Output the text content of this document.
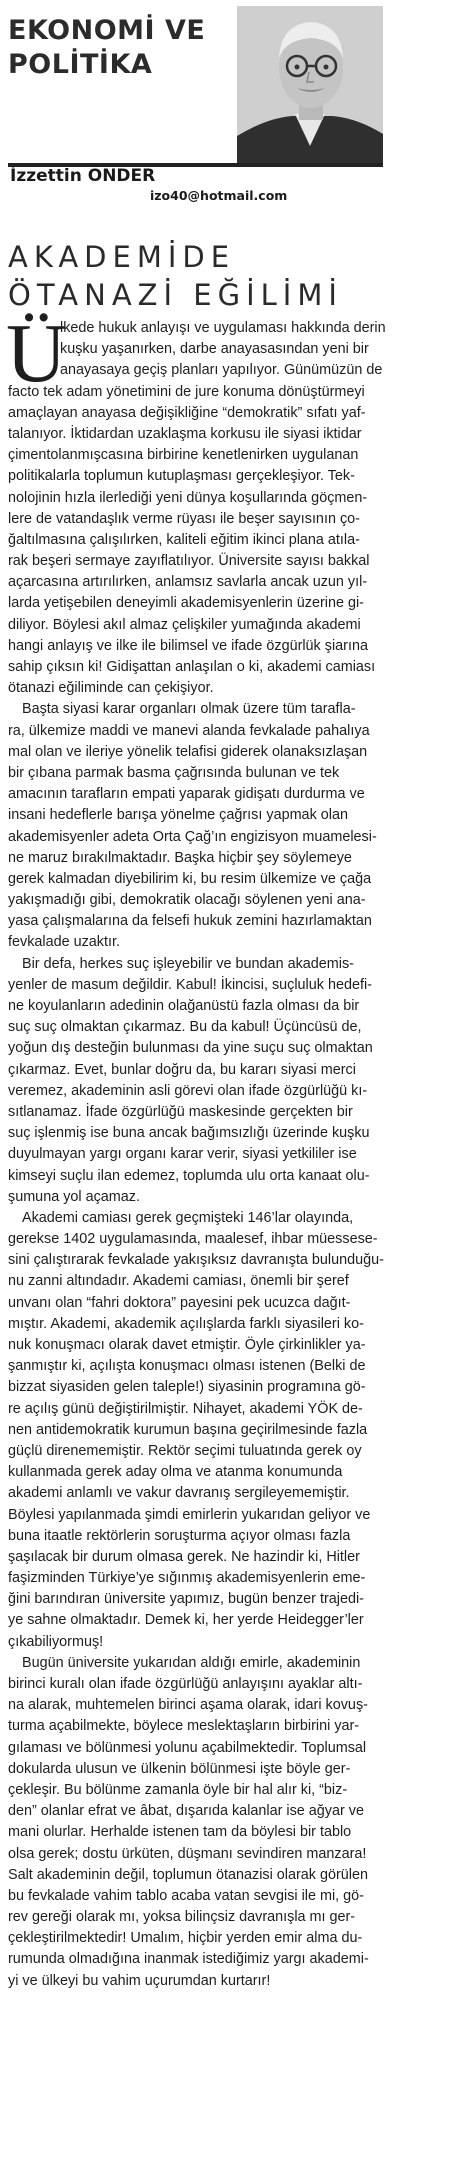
EKONOMİ VE
POLİTİKA
İzzettin ÖNDER
izo40@hotmail.com
AKADEMİDE
ÖTANAZİ EĞİLİMİ
Ü
lkede hukuk anlayışı ve uygulaması hakkında derin
kuşku yaşanırken, darbe anayasasından yeni bir
anayasaya geçiş planları yapılıyor. Günümüzün de
facto tek adam yönetimini de jure konuma dönüştürmeyi
amaçlayan anayasa değişikliğine “demokratik” sıfatı yaf-
talanıyor. İktidardan uzaklaşma korkusu ile siyasi iktidar
çimentolanmışcasına birbirine kenetlenirken uygulanan
politikalarla toplumun kutuplaşması gerçekleşiyor. Tek-
nolojinin hızla ilerlediği yeni dünya koşullarında göçmen-
lere de vatandaşlık verme rüyası ile beşer sayısının ço-
ğaltılmasına çalışılırken, kaliteli eğitim ikinci plana atıla-
rak beşeri sermaye zayıflatılıyor. Üniversite sayısı bakkal
açarcasına artırılırken, anlamsız savlarla ancak uzun yıl-
larda yetişebilen deneyimli akademisyenlerin üzerine gi-
diliyor. Böylesi akıl almaz çelişkiler yumağında akademi
hangi anlayış ve ilke ile bilimsel ve ifade özgürlük şiarına
sahip çıksın ki! Gidişattan anlaşılan o ki, akademi camiası
ötanazi eğiliminde can çekişiyor.
Başta siyasi karar organları olmak üzere tüm tarafla-
ra, ülkemize maddi ve manevi alanda fevkalade pahalıya
mal olan ve ileriye yönelik telafisi giderek olanaksızlaşan
bir çıbana parmak basma çağrısında bulunan ve tek
amacının tarafların empati yaparak gidişatı durdurma ve
insani hedeflerle barışa yönelme çağrısı yapmak olan
akademisyenler adeta Orta Çağ’ın engizisyon muamelesi-
ne maruz bırakılmaktadır. Başka hiçbir şey söylemeye
gerek kalmadan diyebilirim ki, bu resim ülkemize ve çağa
yakışmadığı gibi, demokratik olacağı söylenen yeni ana-
yasa çalışmalarına da felsefi hukuk zemini hazırlamaktan
fevkalade uzaktır.
Bir defa, herkes suç işleyebilir ve bundan akademis-
yenler de masum değildir. Kabul! İkincisi, suçluluk hedefi-
ne koyulanların adedinin olağanüstü fazla olması da bir
suç suç olmaktan çıkarmaz. Bu da kabul! Üçüncüsü de,
yoğun dış desteğin bulunması da yine suçu suç olmaktan
çıkarmaz. Evet, bunlar doğru da, bu kararı siyasi merci
veremez, akademinin asli görevi olan ifade özgürlüğü kı-
sıtlanamaz. İfade özgürlüğü maskesinde gerçekten bir
suç işlenmiş ise buna ancak bağımsızlığı üzerinde kuşku
duyulmayan yargı organı karar verir, siyasi yetkililer ise
kimseyi suçlu ilan edemez, toplumda ulu orta kanaat olu-
şumuna yol açamaz.
Akademi camiası gerek geçmişteki 146’lar olayında,
gerekse 1402 uygulamasında, maalesef, ihbar müessese-
sini çalıştırarak fevkalade yakışıksız davranışta bulunduğu-
nu zanni altındadır. Akademi camiası, önemli bir şeref
unvanı olan “fahri doktora” payesini pek ucuzca dağıt-
mıştır. Akademi, akademik açılışlarda farklı siyasileri ko-
nuk konuşmacı olarak davet etmiştir. Öyle çirkinlikler ya-
şanmıştır ki, açılışta konuşmacı olması istenen (Belki de
bizzat siyasiden gelen taleple!) siyasinin programına gö-
re açılış günü değiştirilmiştir. Nihayet, akademi YÖK de-
nen antidemokratik kurumun başına geçirilmesinde fazla
güçlü direnememiştir. Rektör seçimi tuluatında gerek oy
kullanmada gerek aday olma ve atanma konumunda
akademi anlamlı ve vakur davranış sergileyememiştir.
Böylesi yapılanmada şimdi emirlerin yukarıdan geliyor ve
buna itaatle rektörlerin soruşturma açıyor olması fazla
şaşılacak bir durum olmasa gerek. Ne hazindir ki, Hitler
faşizminden Türkiye’ye sığınmış akademisyenlerin eme-
ğini barındıran üniversite yapımız, bugün benzer trajedi-
ye sahne olmaktadır. Demek ki, her yerde Heidegger’ler
çıkabiliyormuş!
Bugün üniversite yukarıdan aldığı emirle, akademinin
birinci kuralı olan ifade özgürlüğü anlayışını ayaklar altı-
na alarak, muhtemelen birinci aşama olarak, idari kovuş-
turma açabilmekte, böylece meslektaşların birbirini yar-
gılaması ve bölünmesi yolunu açabilmektedir. Toplumsal
dokularda ulusun ve ülkenin bölünmesi işte böyle ger-
çekleşir. Bu bölünme zamanla öyle bir hal alır ki, “biz-
den” olanlar efrat ve âbat, dışarıda kalanlar ise ağyar ve
mani olurlar. Herhalde istenen tam da böylesi bir tablo
olsa gerek; dostu ürküten, düşmanı sevindiren manzara!
Salt akademinin değil, toplumun ötanazisi olarak görülen
bu fevkalade vahim tablo acaba vatan sevgisi ile mi, gö-
rev gereği olarak mı, yoksa bilinçsiz davranışla mı ger-
çekleştirilmektedir! Umalım, hiçbir yerden emir alma du-
rumunda olmadığına inanmak istediğimiz yargı akademi-
yi ve ülkeyi bu vahim uçurumdan kurtarır!
